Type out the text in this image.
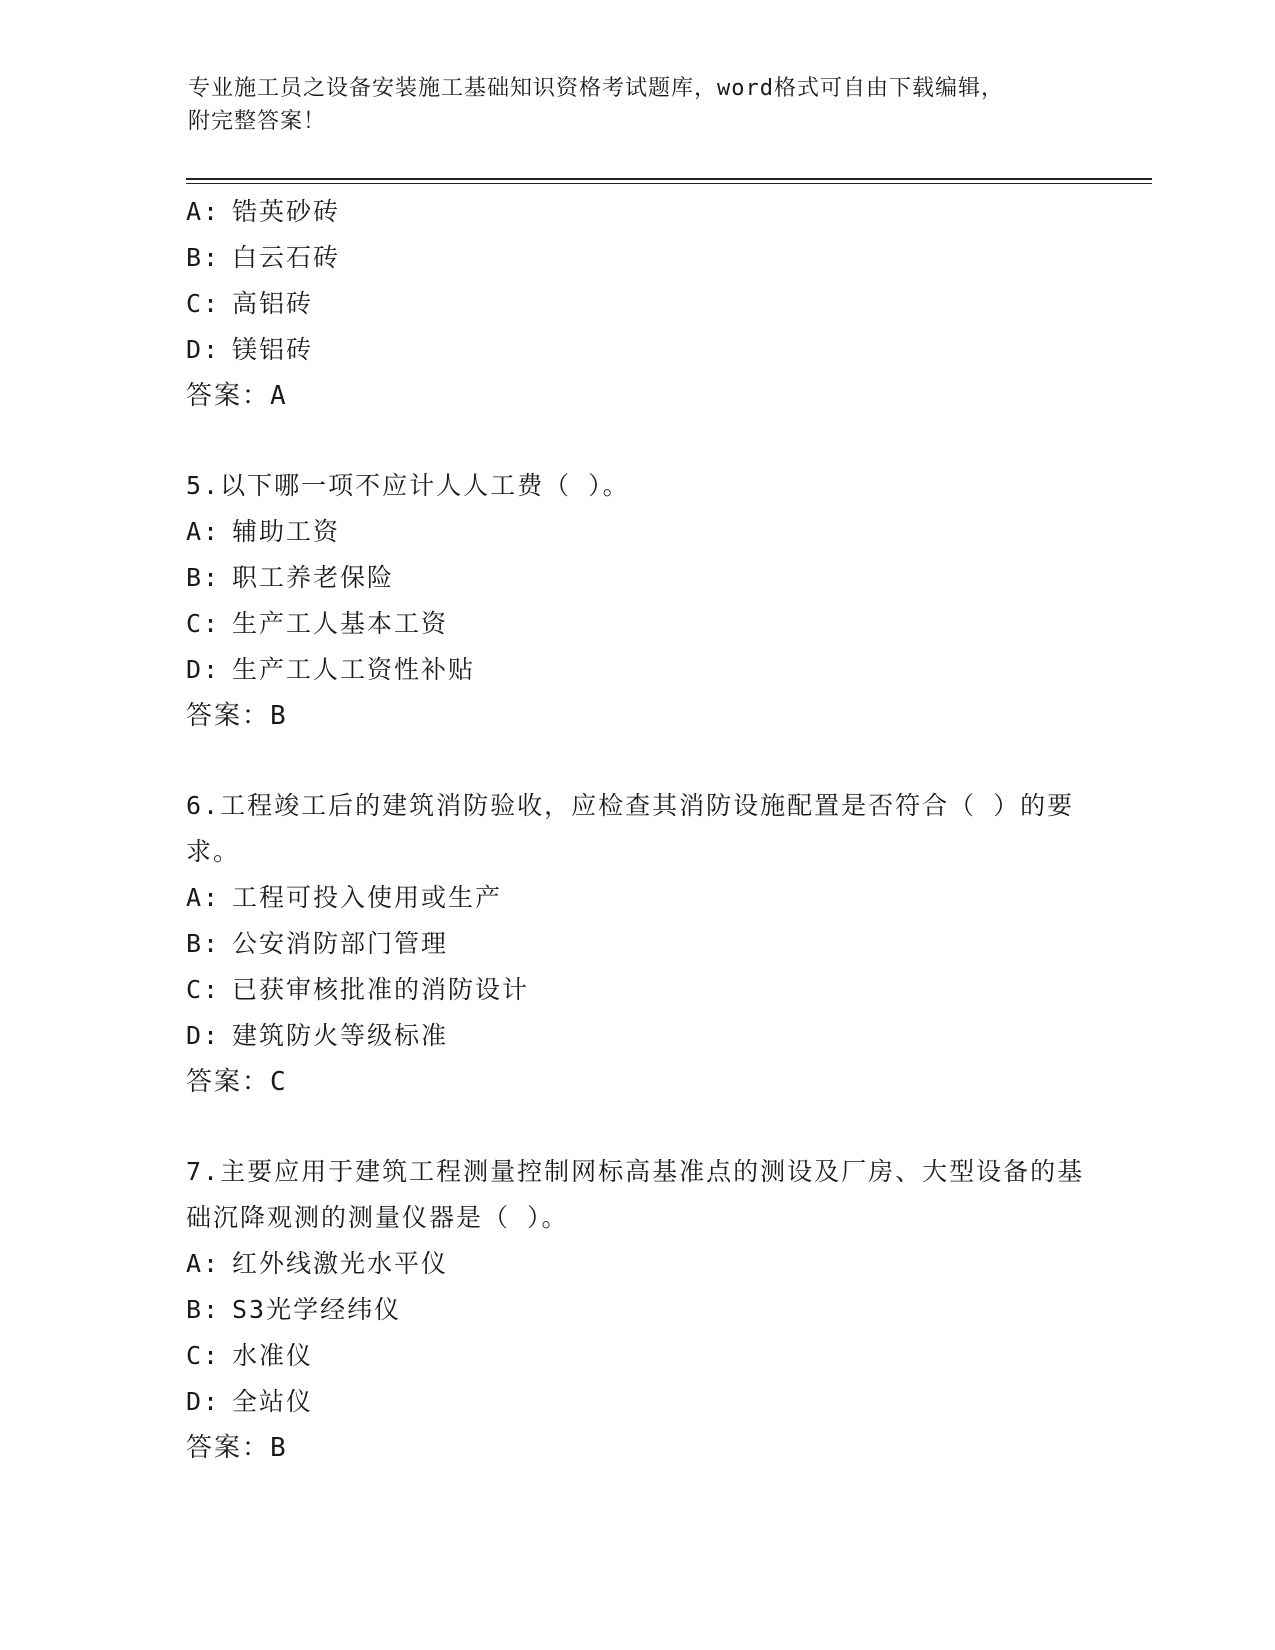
专业施工员之设备安装施工基础知识资格考试题库，word格式可自由下载编辑，
附完整答案！
A: 锆英砂砖
B: 白云石砖
C: 高铝砖
D: 镁铝砖
答案：A
5.以下哪一项不应计人人工费（ ）。
A: 辅助工资
B: 职工养老保险
C: 生产工人基本工资
D: 生产工人工资性补贴
答案：B
6.工程竣工后的建筑消防验收，应检查其消防设施配置是否符合（ ）的要求。
A: 工程可投入使用或生产
B: 公安消防部门管理
C: 已获审核批准的消防设计
D: 建筑防火等级标准
答案：C
7.主要应用于建筑工程测量控制网标高基准点的测设及厂房、大型设备的基础沉降观测的测量仪器是（ ）。
A: 红外线激光水平仪
B: S3光学经纬仪
C: 水准仪
D: 全站仪
答案：B
